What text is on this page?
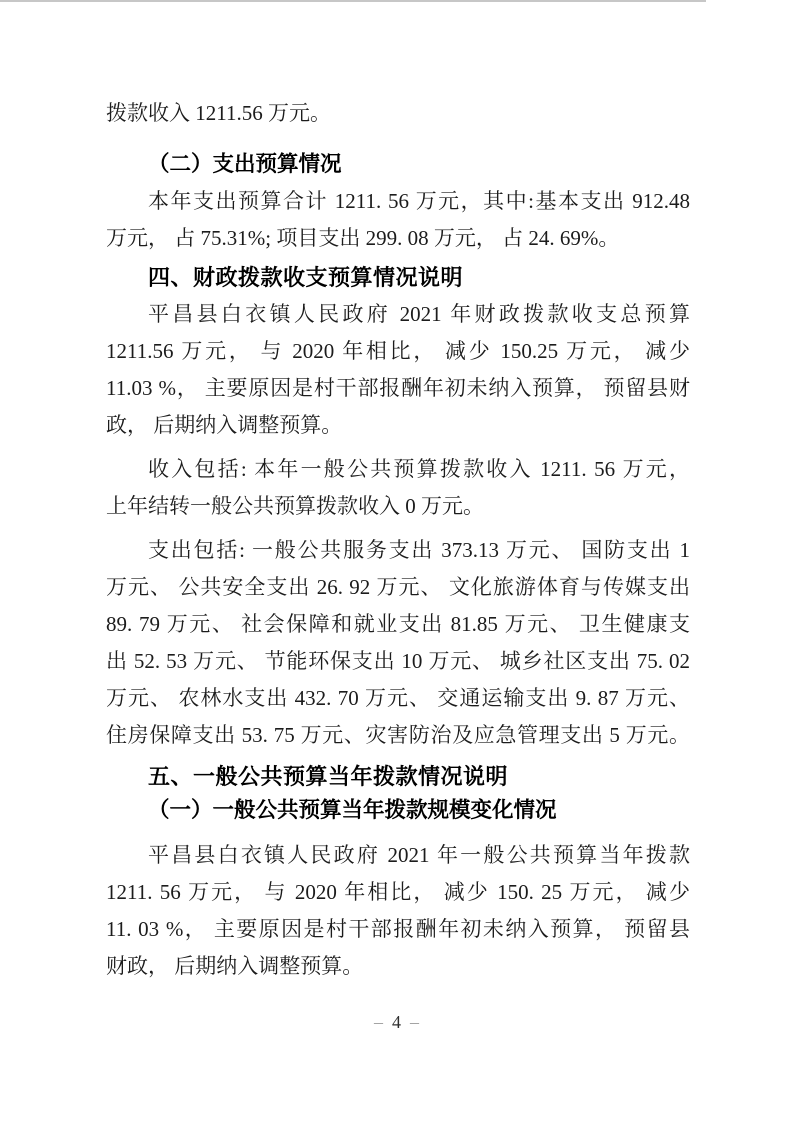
拨款收入 1211.56 万元。

（二）支出预算情况

本年支出预算合计 1211. 56 万元，其中:基本支出 912.48

万元， 占 75.31%; 项目支出 299. 08 万元， 占 24. 69%。

四、财政拨款收支预算情况说明

平昌县白衣镇人民政府 2021 年财政拨款收支总预算

1211.56 万元， 与 2020 年相比， 减少 150.25 万元， 减少

11.03 %， 主要原因是村干部报酬年初未纳入预算， 预留县财

政， 后期纳入调整预算。

收入包括: 本年一般公共预算拨款收入 1211. 56 万元，

上年结转一般公共预算拨款收入 0 万元。

支出包括: 一般公共服务支出 373.13 万元、 国防支出 1

万元、 公共安全支出 26. 92 万元、 文化旅游体育与传媒支出

89. 79 万元、 社会保障和就业支出 81.85 万元、 卫生健康支

出 52. 53 万元、 节能环保支出 10 万元、 城乡社区支出 75. 02

万元、 农林水支出 432. 70 万元、 交通运输支出 9. 87 万元、

住房保障支出 53. 75 万元、灾害防治及应急管理支出 5 万元。

五、一般公共预算当年拨款情况说明
（一）一般公共预算当年拨款规模变化情况

平昌县白衣镇人民政府 2021 年一般公共预算当年拨款

1211. 56 万元， 与 2020 年相比， 减少 150. 25 万元， 减少

11. 03 %， 主要原因是村干部报酬年初未纳入预算， 预留县

财政， 后期纳入调整预算。

– 4 –
